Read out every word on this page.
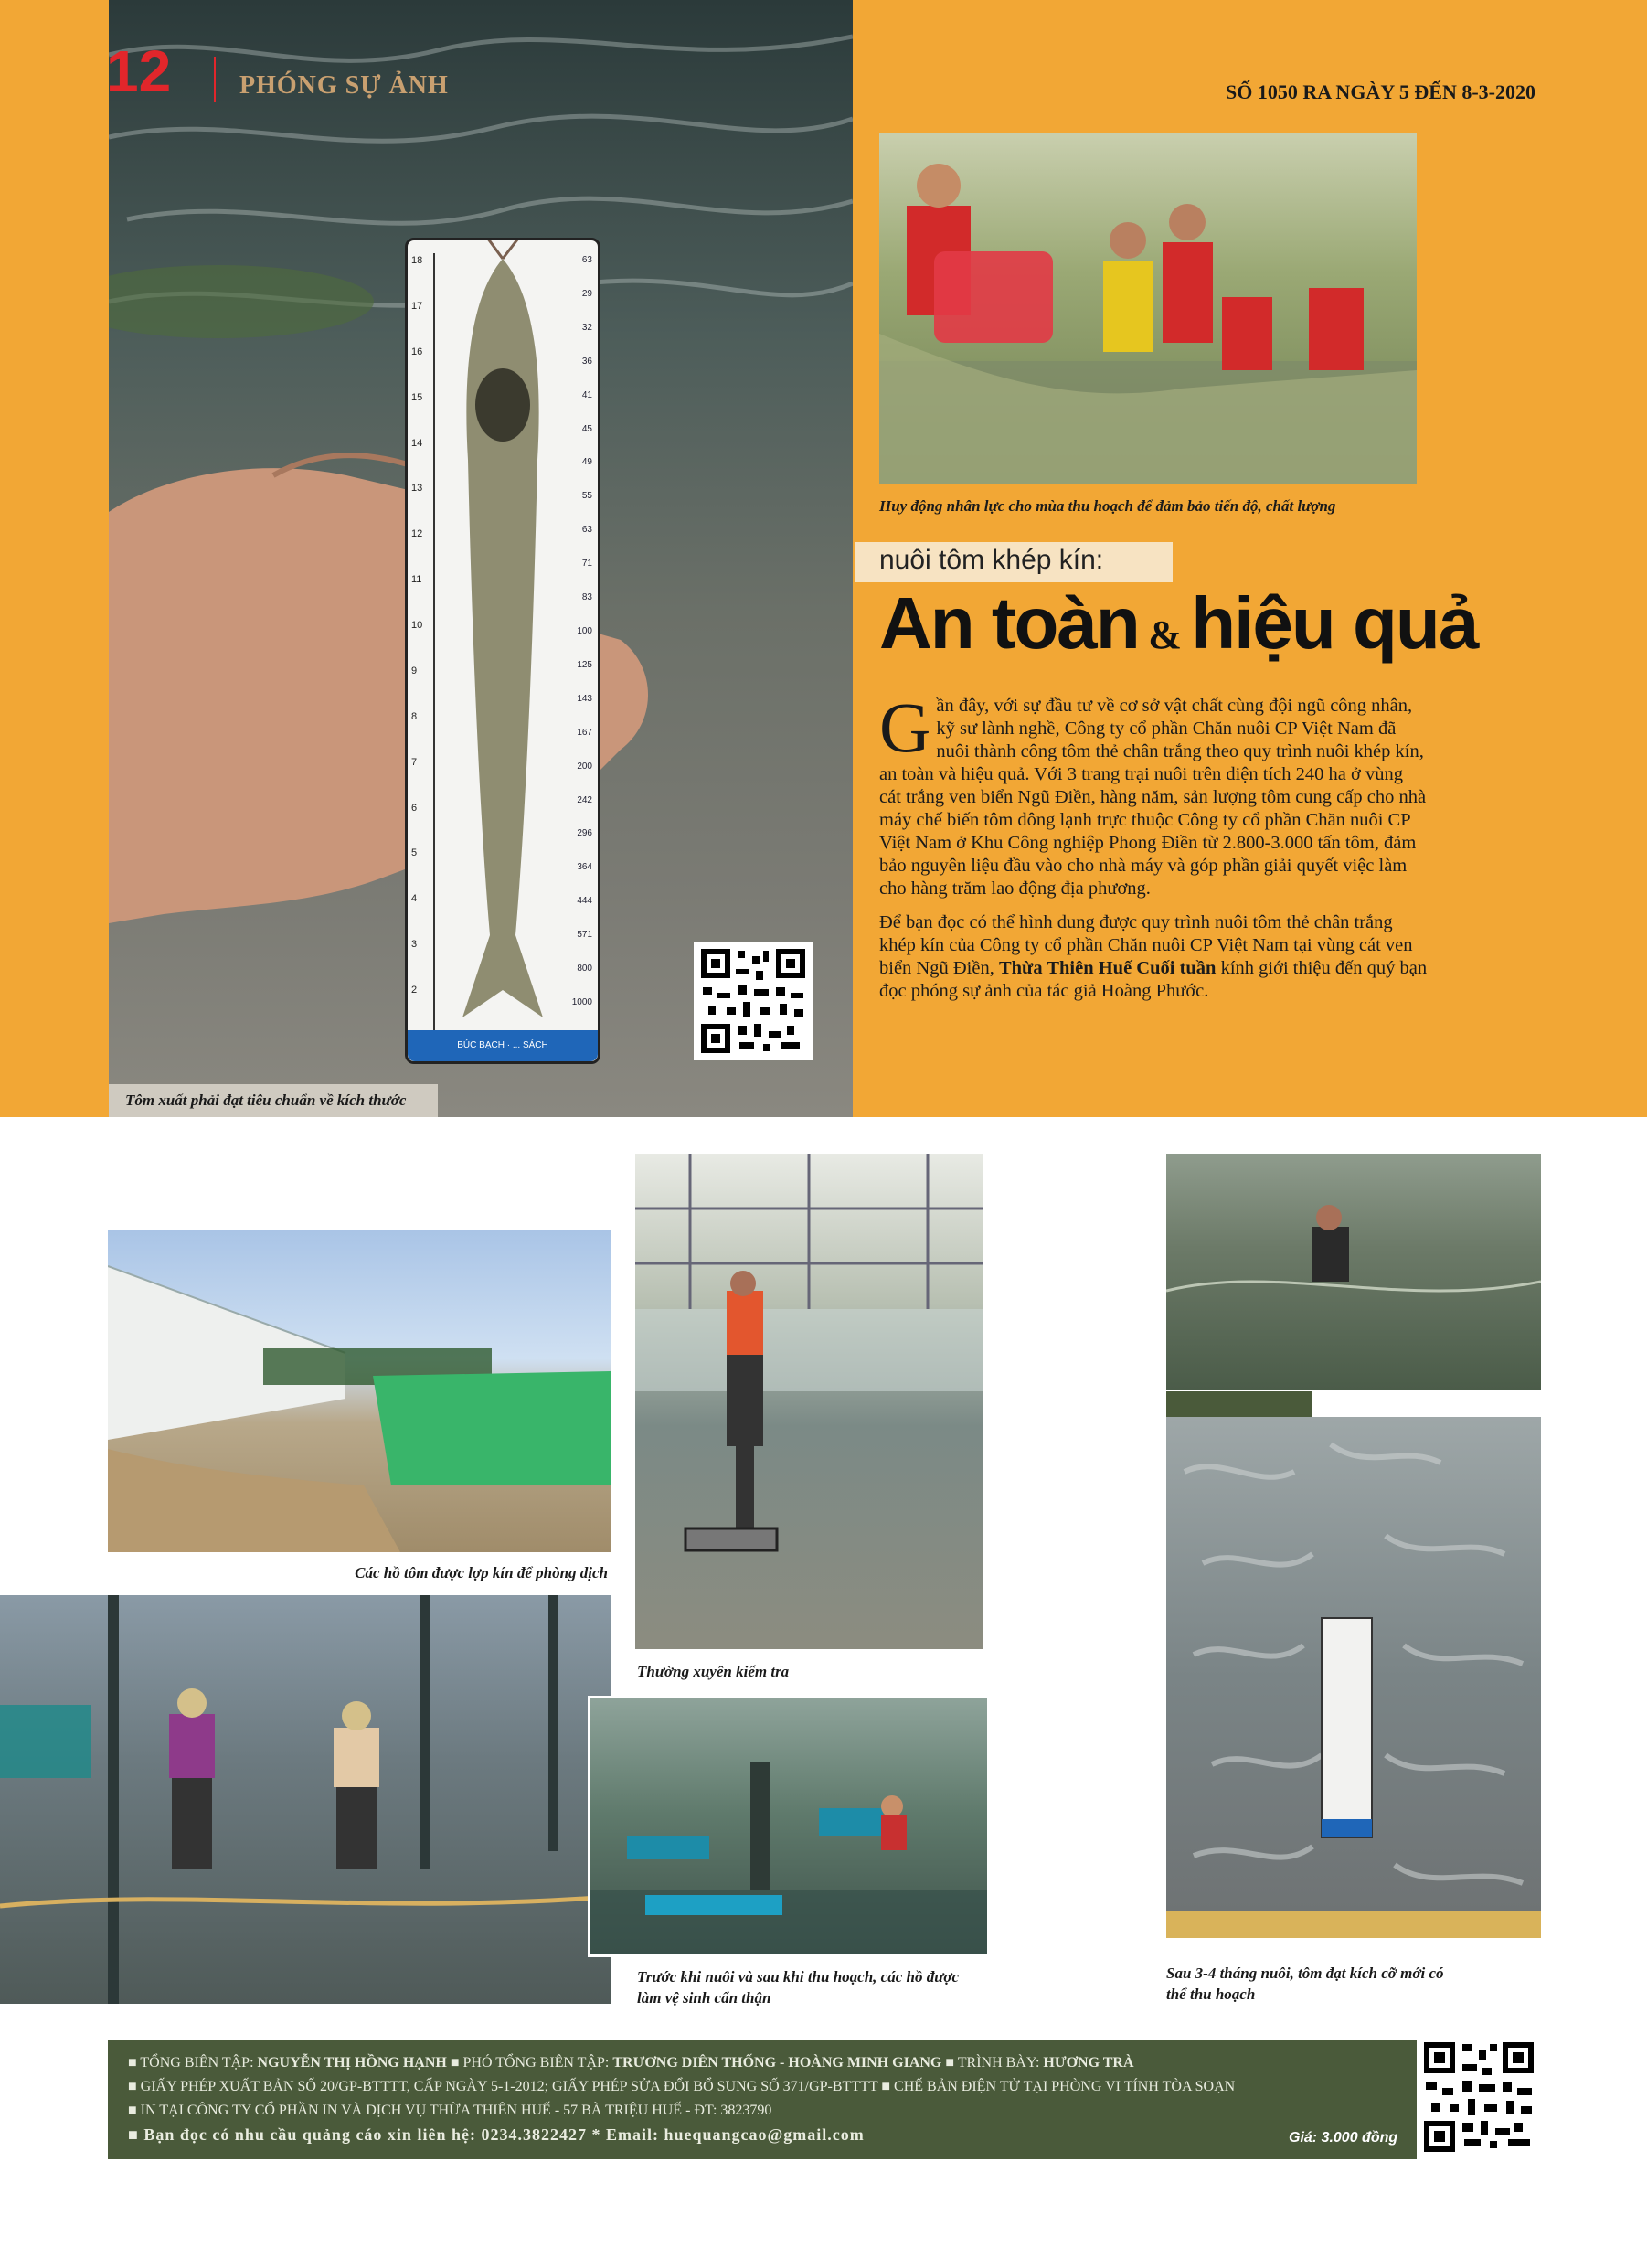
18
17
16
15
14
13
12
11
10
9
8
7
6
5
4
3
2
63
29
32
36
41
45
49
55
63
71
83
100
125
143
167
200
242
296
364
444
571
800
1000
BÚC BẠCH · ... SÁCH
Tôm xuất phải đạt tiêu chuẩn về kích thước
12	PHÓNG SỰ ẢNH	SỐ 1050 RA NGÀY 5 ĐẾN 8-3-2020
Huy động nhân lực cho mùa thu hoạch để đảm bảo tiến độ, chất lượng
nuôi tôm khép kín:
An toàn & hiệu quả

Gần đây, với sự đầu tư về cơ sở vật chất cùng đội ngũ công nhân, kỹ sư lành nghề, Công ty cổ phần Chăn nuôi CP Việt Nam đã nuôi thành công tôm thẻ chân trắng theo quy trình nuôi khép kín, an toàn và hiệu quả. Với 3 trang trại nuôi trên diện tích 240 ha ở vùng cát trắng ven biển Ngũ Điền, hàng năm, sản lượng tôm cung cấp cho nhà máy chế biến tôm đông lạnh trực thuộc Công ty cổ phần Chăn nuôi CP Việt Nam ở Khu Công nghiệp Phong Điền từ 2.800-3.000 tấn tôm, đảm bảo nguyên liệu đầu vào cho nhà máy và góp phần giải quyết việc làm cho hàng trăm lao động địa phương.

Để bạn đọc có thể hình dung được quy trình nuôi tôm thẻ chân trắng khép kín của Công ty cổ phần Chăn nuôi CP Việt Nam tại vùng cát ven biển Ngũ Điền, Thừa Thiên Huế Cuối tuần kính giới thiệu đến quý bạn đọc phóng sự ảnh của tác giả Hoàng Phước.

Các hồ tôm được lợp kín để phòng dịch
Thường xuyên kiểm tra
Sau 3-4 tháng nuôi, tôm đạt kích cỡ mới có thể thu hoạch
Trước khi nuôi và sau khi thu hoạch, các hồ được làm vệ sinh cẩn thận
■ TỔNG BIÊN TẬP: NGUYỄN THỊ HỒNG HẠNH ■ PHÓ TỔNG BIÊN TẬP: TRƯƠNG DIÊN THỐNG - HOÀNG MINH GIANG ■ TRÌNH BÀY: HƯƠNG TRÀ
■ GIẤY PHÉP XUẤT BẢN SỐ 20/GP-BTTTT, CẤP NGÀY 5-1-2012; GIẤY PHÉP SỬA ĐỔI BỔ SUNG SỐ 371/GP-BTTTT ■ CHẾ BẢN ĐIỆN TỬ TẠI PHÒNG VI TÍNH TÒA SOẠN
■ IN TẠI CÔNG TY CỔ PHẦN IN VÀ DỊCH VỤ THỪA THIÊN HUẾ - 57 BÀ TRIỆU HUẾ - ĐT: 3823790
■ Bạn đọc có nhu cầu quảng cáo xin liên hệ: 0234.3822427 * Email: huequangcao@gmail.com	Giá: 3.000 đồng
